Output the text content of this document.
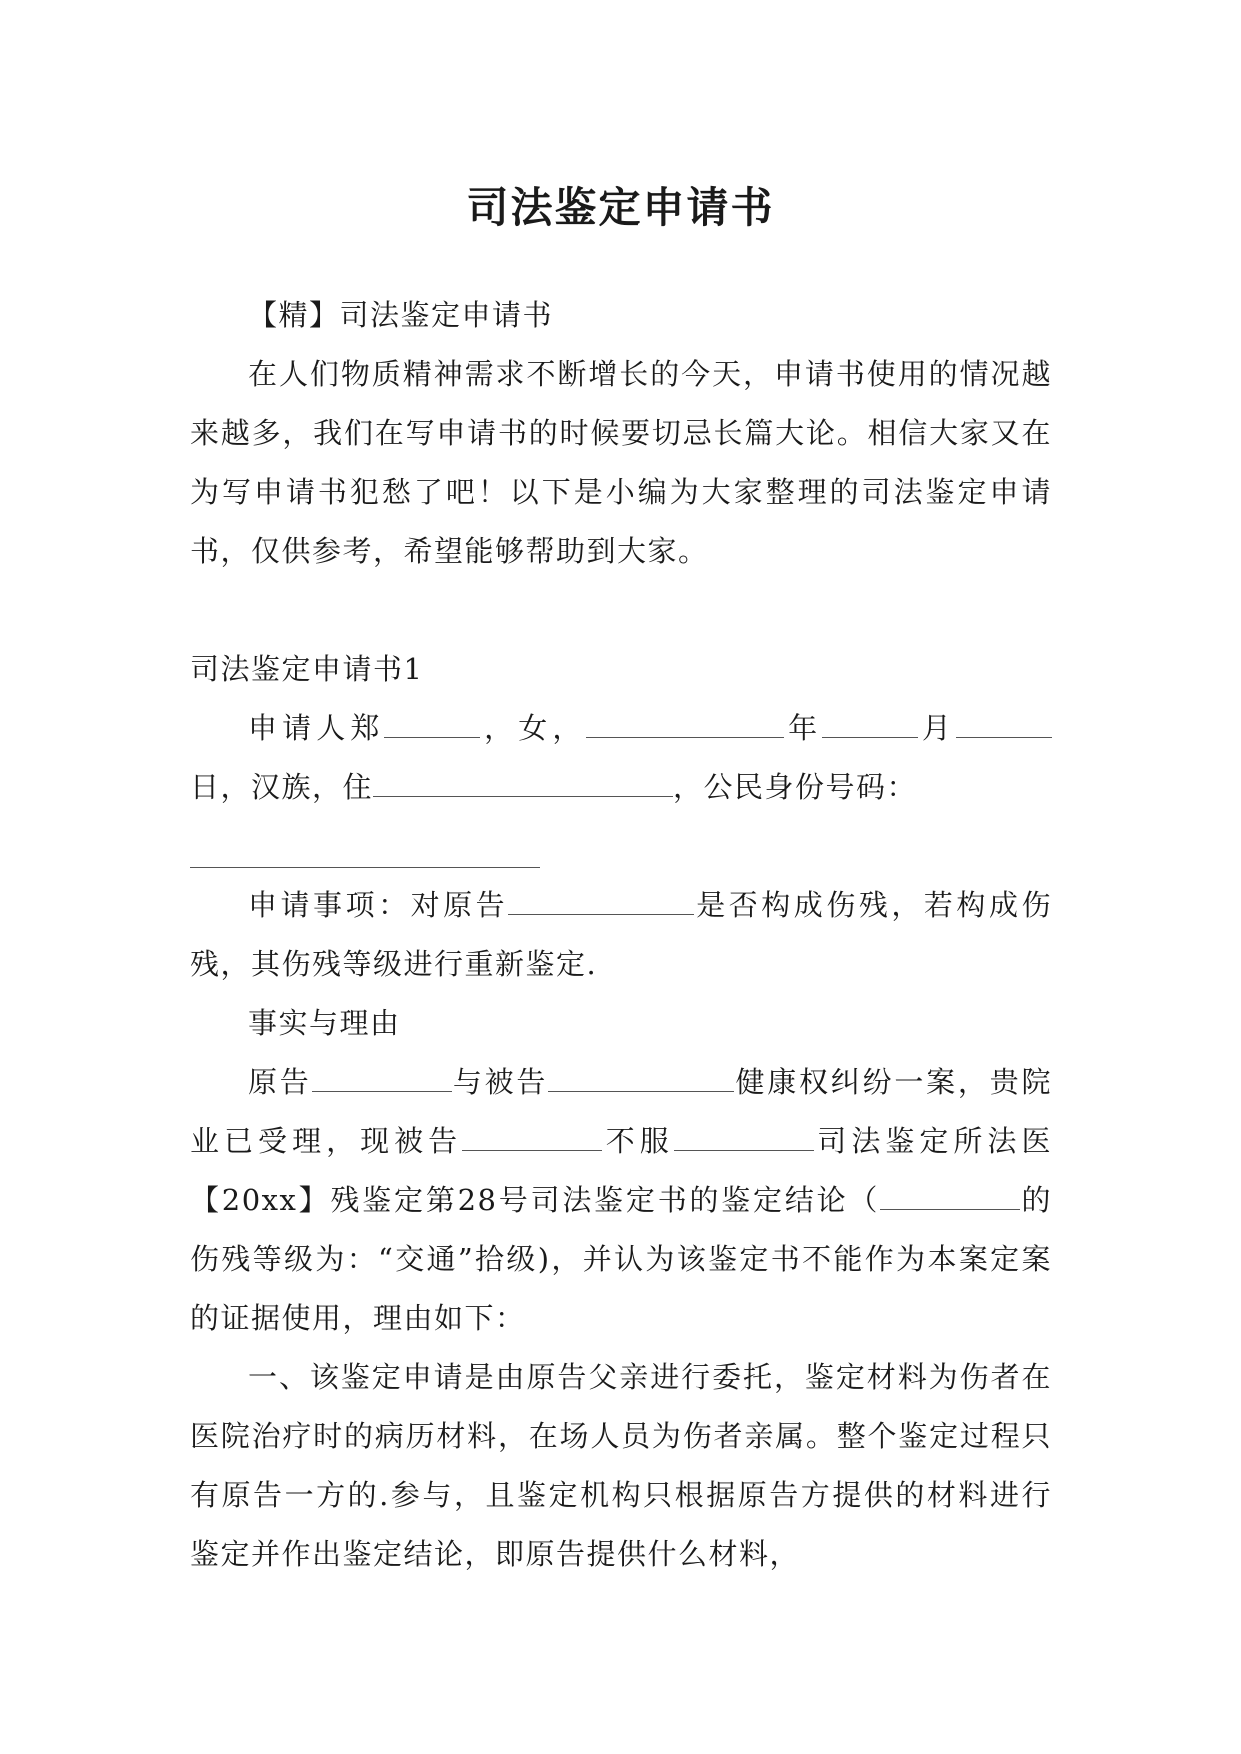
司法鉴定申请书

【精】司法鉴定申请书

在人们物质精神需求不断增长的今天，申请书使用的情况越来越多，我们在写申请书的时候要切忌长篇大论。相信大家又在为写申请书犯愁了吧！以下是小编为大家整理的司法鉴定申请书，仅供参考，希望能够帮助到大家。

司法鉴定申请书1

申请人郑	，女，	年	月日，汉族，住	，公民身份号码：

申请事项：对原告	是否构成伤残，若构成伤残，其伤残等级进行重新鉴定.

事实与理由

原告	与被告	健康权纠纷一案，贵院业已受理，现被告	不服	司法鉴定所法医【20xx】残鉴定第28号司法鉴定书的鉴定结论（	的伤残等级为：“交通”拾级)，并认为该鉴定书不能作为本案定案的证据使用，理由如下：

一、该鉴定申请是由原告父亲进行委托，鉴定材料为伤者在医院治疗时的病历材料，在场人员为伤者亲属。整个鉴定过程只有原告一方的.参与，且鉴定机构只根据原告方提供的材料进行鉴定并作出鉴定结论，即原告提供什么材料，
